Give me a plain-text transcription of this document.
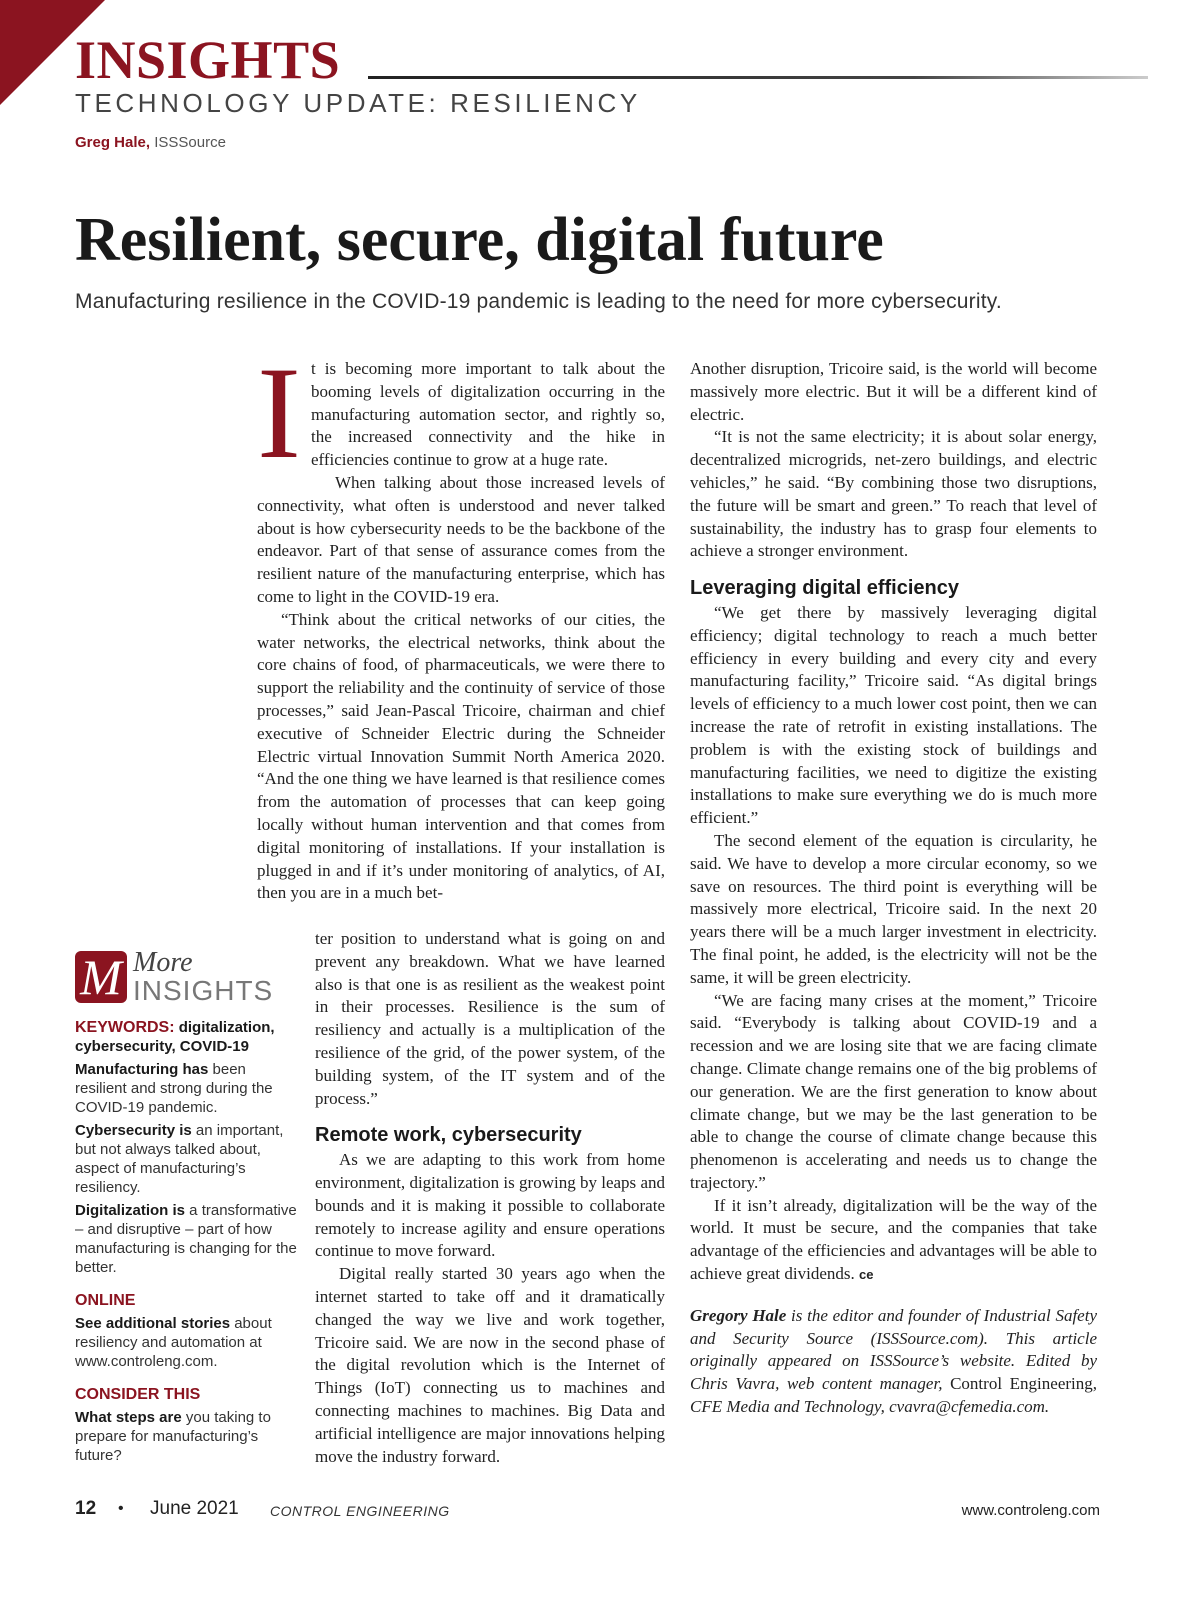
INSIGHTS
TECHNOLOGY UPDATE: RESILIENCY
Greg Hale, ISSSource
Resilient, secure, digital future
Manufacturing resilience in the COVID-19 pandemic is leading to the need for more cybersecurity.
I t is becoming more important to talk about the booming levels of digitalization occurring in the manufacturing automation sector, and rightly so, the increased connectivity and the hike in efficiencies continue to grow at a huge rate.

When talking about those increased levels of connectivity, what often is understood and never talked about is how cybersecurity needs to be the backbone of the endeavor. Part of that sense of assurance comes from the resilient nature of the manufacturing enterprise, which has come to light in the COVID-19 era.

“Think about the critical networks of our cities, the water networks, the electrical networks, think about the core chains of food, of pharmaceuticals, we were there to support the reliability and the continuity of service of those processes,” said Jean-Pascal Tricoire, chairman and chief executive of Schneider Electric during the Schneider Electric virtual Innovation Summit North America 2020. “And the one thing we have learned is that resilience comes from the automation of processes that can keep going locally without human intervention and that comes from digital monitoring of installations. If your installation is plugged in and if it’s under monitoring of analytics, of AI, then you are in a much bet-

ter position to understand what is going on and prevent any breakdown. What we have learned also is that one is as resilient as the weakest point in their processes. Resilience is the sum of resiliency and actually is a multiplication of the resilience of the grid, of the power system, of the building system, of the IT system and of the process.”

Remote work, cybersecurity

As we are adapting to this work from home environment, digitalization is growing by leaps and bounds and it is making it possible to collaborate remotely to increase agility and ensure operations continue to move forward.

Digital really started 30 years ago when the internet started to take off and it dramatically changed the way we live and work together, Tricoire said. We are now in the second phase of the digital revolution which is the Internet of Things (IoT) connecting us to machines and connecting machines to machines. Big Data and artificial intelligence are major innovations helping move the industry forward.

Another disruption, Tricoire said, is the world will become massively more electric. But it will be a different kind of electric.

“It is not the same electricity; it is about solar energy, decentralized microgrids, net-zero buildings, and electric vehicles,” he said. “By combining those two disruptions, the future will be smart and green.” To reach that level of sustainability, the industry has to grasp four elements to achieve a stronger environment.

Leveraging digital efficiency

“We get there by massively leveraging digital efficiency; digital technology to reach a much better efficiency in every building and every city and every manufacturing facility,” Tricoire said. “As digital brings levels of efficiency to a much lower cost point, then we can increase the rate of retrofit in existing installations. The problem is with the existing stock of buildings and manufacturing facilities, we need to digitize the existing installations to make sure everything we do is much more efficient.”

The second element of the equation is circularity, he said. We have to develop a more circular economy, so we save on resources. The third point is everything will be massively more electrical, Tricoire said. In the next 20 years there will be a much larger investment in electricity. The final point, he added, is the electricity will not be the same, it will be green electricity.

“We are facing many crises at the moment,” Tricoire said. “Everybody is talking about COVID-19 and a recession and we are losing site that we are facing climate change. Climate change remains one of the big problems of our generation. We are the first generation to know about climate change, but we may be the last generation to be able to change the course of climate change because this phenomenon is accelerating and needs us to change the trajectory.”

If it isn’t already, digitalization will be the way of the world. It must be secure, and the companies that take advantage of the efficiencies and advantages will be able to achieve great dividends. ce

Gregory Hale is the editor and founder of Industrial Safety and Security Source (ISSSource.com). This article originally appeared on ISSSource’s website. Edited by Chris Vavra, web content manager, Control Engineering, CFE Media and Technology, cvavra@cfemedia.com.

M More
INSIGHTS

KEYWORDS: digitalization, cybersecurity, COVID-19

Manufacturing has been resilient and strong during the COVID-19 pandemic.

Cybersecurity is an important, but not always talked about, aspect of manufacturing’s resiliency.

Digitalization is a transformative – and disruptive – part of how manufacturing is changing for the better.

ONLINE

See additional stories about resiliency and automation at www.controleng.com.

CONSIDER THIS

What steps are you taking to prepare for manufacturing’s future?

12 • June 2021 CONTROL ENGINEERING	www.controleng.com
